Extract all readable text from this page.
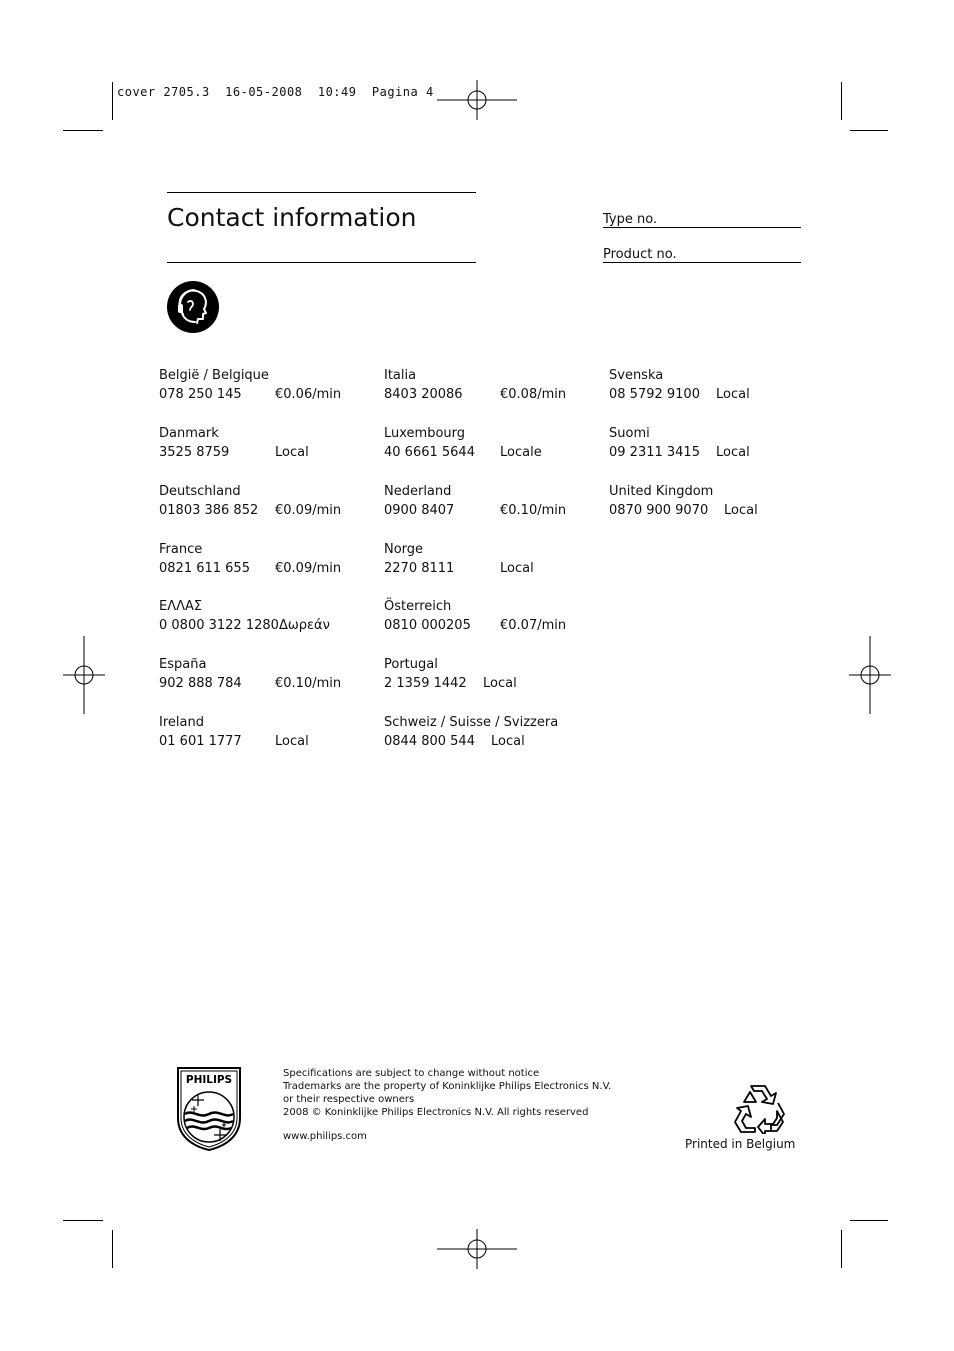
cover 2705.3  16-05-2008  10:49  Pagina 4
Contact information	Type no.
Product no.
België / Belgique
078 250 145	€0.06/min
Danmark
3525 8759	Local
Deutschland
01803 386 852 €0.09/min
France
0821 611 655 €0.09/min
ΕΛΛΑΣ
0 0800 3122 1280 Δωρεάν
España
902 888 784	€0.10/min
Ireland
01 601 1777	Local
Italia
8403 20086	€0.08/min
Luxembourg
40 6661 5644 Locale
Nederland
0900 8407	€0.10/min
Norge
2270 8111	Local
Österreich
0810 000205 €0.07/min
Portugal
2 1359 1442 Local
Schweiz / Suisse / Svizzera
0844 800 544 Local
Svenska
08 5792 9100 Local
Suomi
09 2311 3415 Local
United Kingdom
0870 900 9070 Local
PHILIPS
Specifications are subject to change without notice
Trademarks are the property of Koninklijke Philips Electronics N.V.
or their respective owners
2008 © Koninklijke Philips Electronics N.V. All rights reserved
www.philips.com
Printed in Belgium
